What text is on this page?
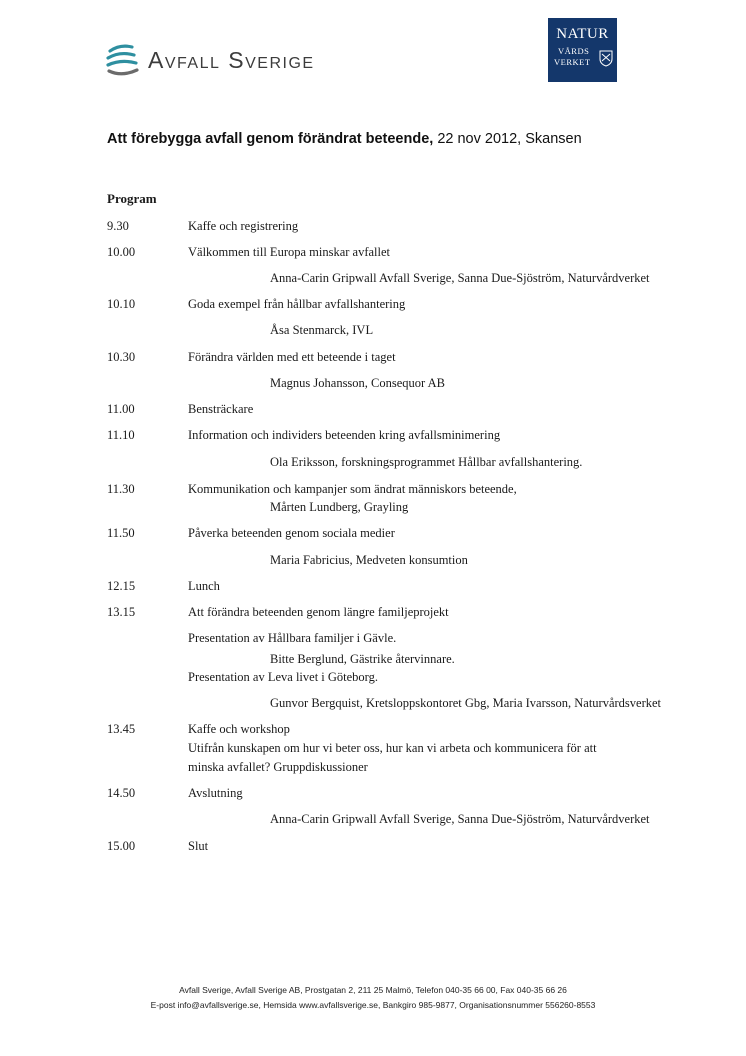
Avfall Sverige
NATUR
VÅRDS
VERKET
Att förebygga avfall genom förändrat beteende, 22 nov 2012, Skansen
Program
9.30	Kaffe och registrering
10.00	Välkommen till Europa minskar avfallet
Anna-Carin Gripwall Avfall Sverige, Sanna Due-Sjöström, Naturvårdverket
10.10	Goda exempel från hållbar avfallshantering
Åsa Stenmarck, IVL
10.30	Förändra världen med ett beteende i taget
Magnus Johansson, Consequor AB
11.00	Bensträckare
11.10	Information och individers beteenden kring avfallsminimering
Ola Eriksson, forskningsprogrammet Hållbar avfallshantering.
11.30	Kommunikation och kampanjer som ändrat människors beteende,
Mårten Lundberg, Grayling
11.50	Påverka beteenden genom sociala medier
Maria Fabricius, Medveten konsumtion
12.15	Lunch
13.15	Att förändra beteenden genom längre familjeprojekt
Presentation av Hållbara familjer i Gävle.
Bitte Berglund, Gästrike återvinnare.
Presentation av Leva livet i Göteborg.
Gunvor Bergquist, Kretsloppskontoret Gbg, Maria Ivarsson, Naturvårdsverket
13.45	Kaffe och workshop
Utifrån kunskapen om hur vi beter oss, hur kan vi arbeta och kommunicera för att
minska avfallet? Gruppdiskussioner
14.50	Avslutning
Anna-Carin Gripwall Avfall Sverige, Sanna Due-Sjöström, Naturvårdverket
15.00	Slut
Avfall Sverige, Avfall Sverige AB, Prostgatan 2, 211 25 Malmö, Telefon 040-35 66 00, Fax 040-35 66 26
E-post info@avfallsverige.se, Hemsida www.avfallsverige.se, Bankgiro 985-9877, Organisationsnummer 556260-8553
